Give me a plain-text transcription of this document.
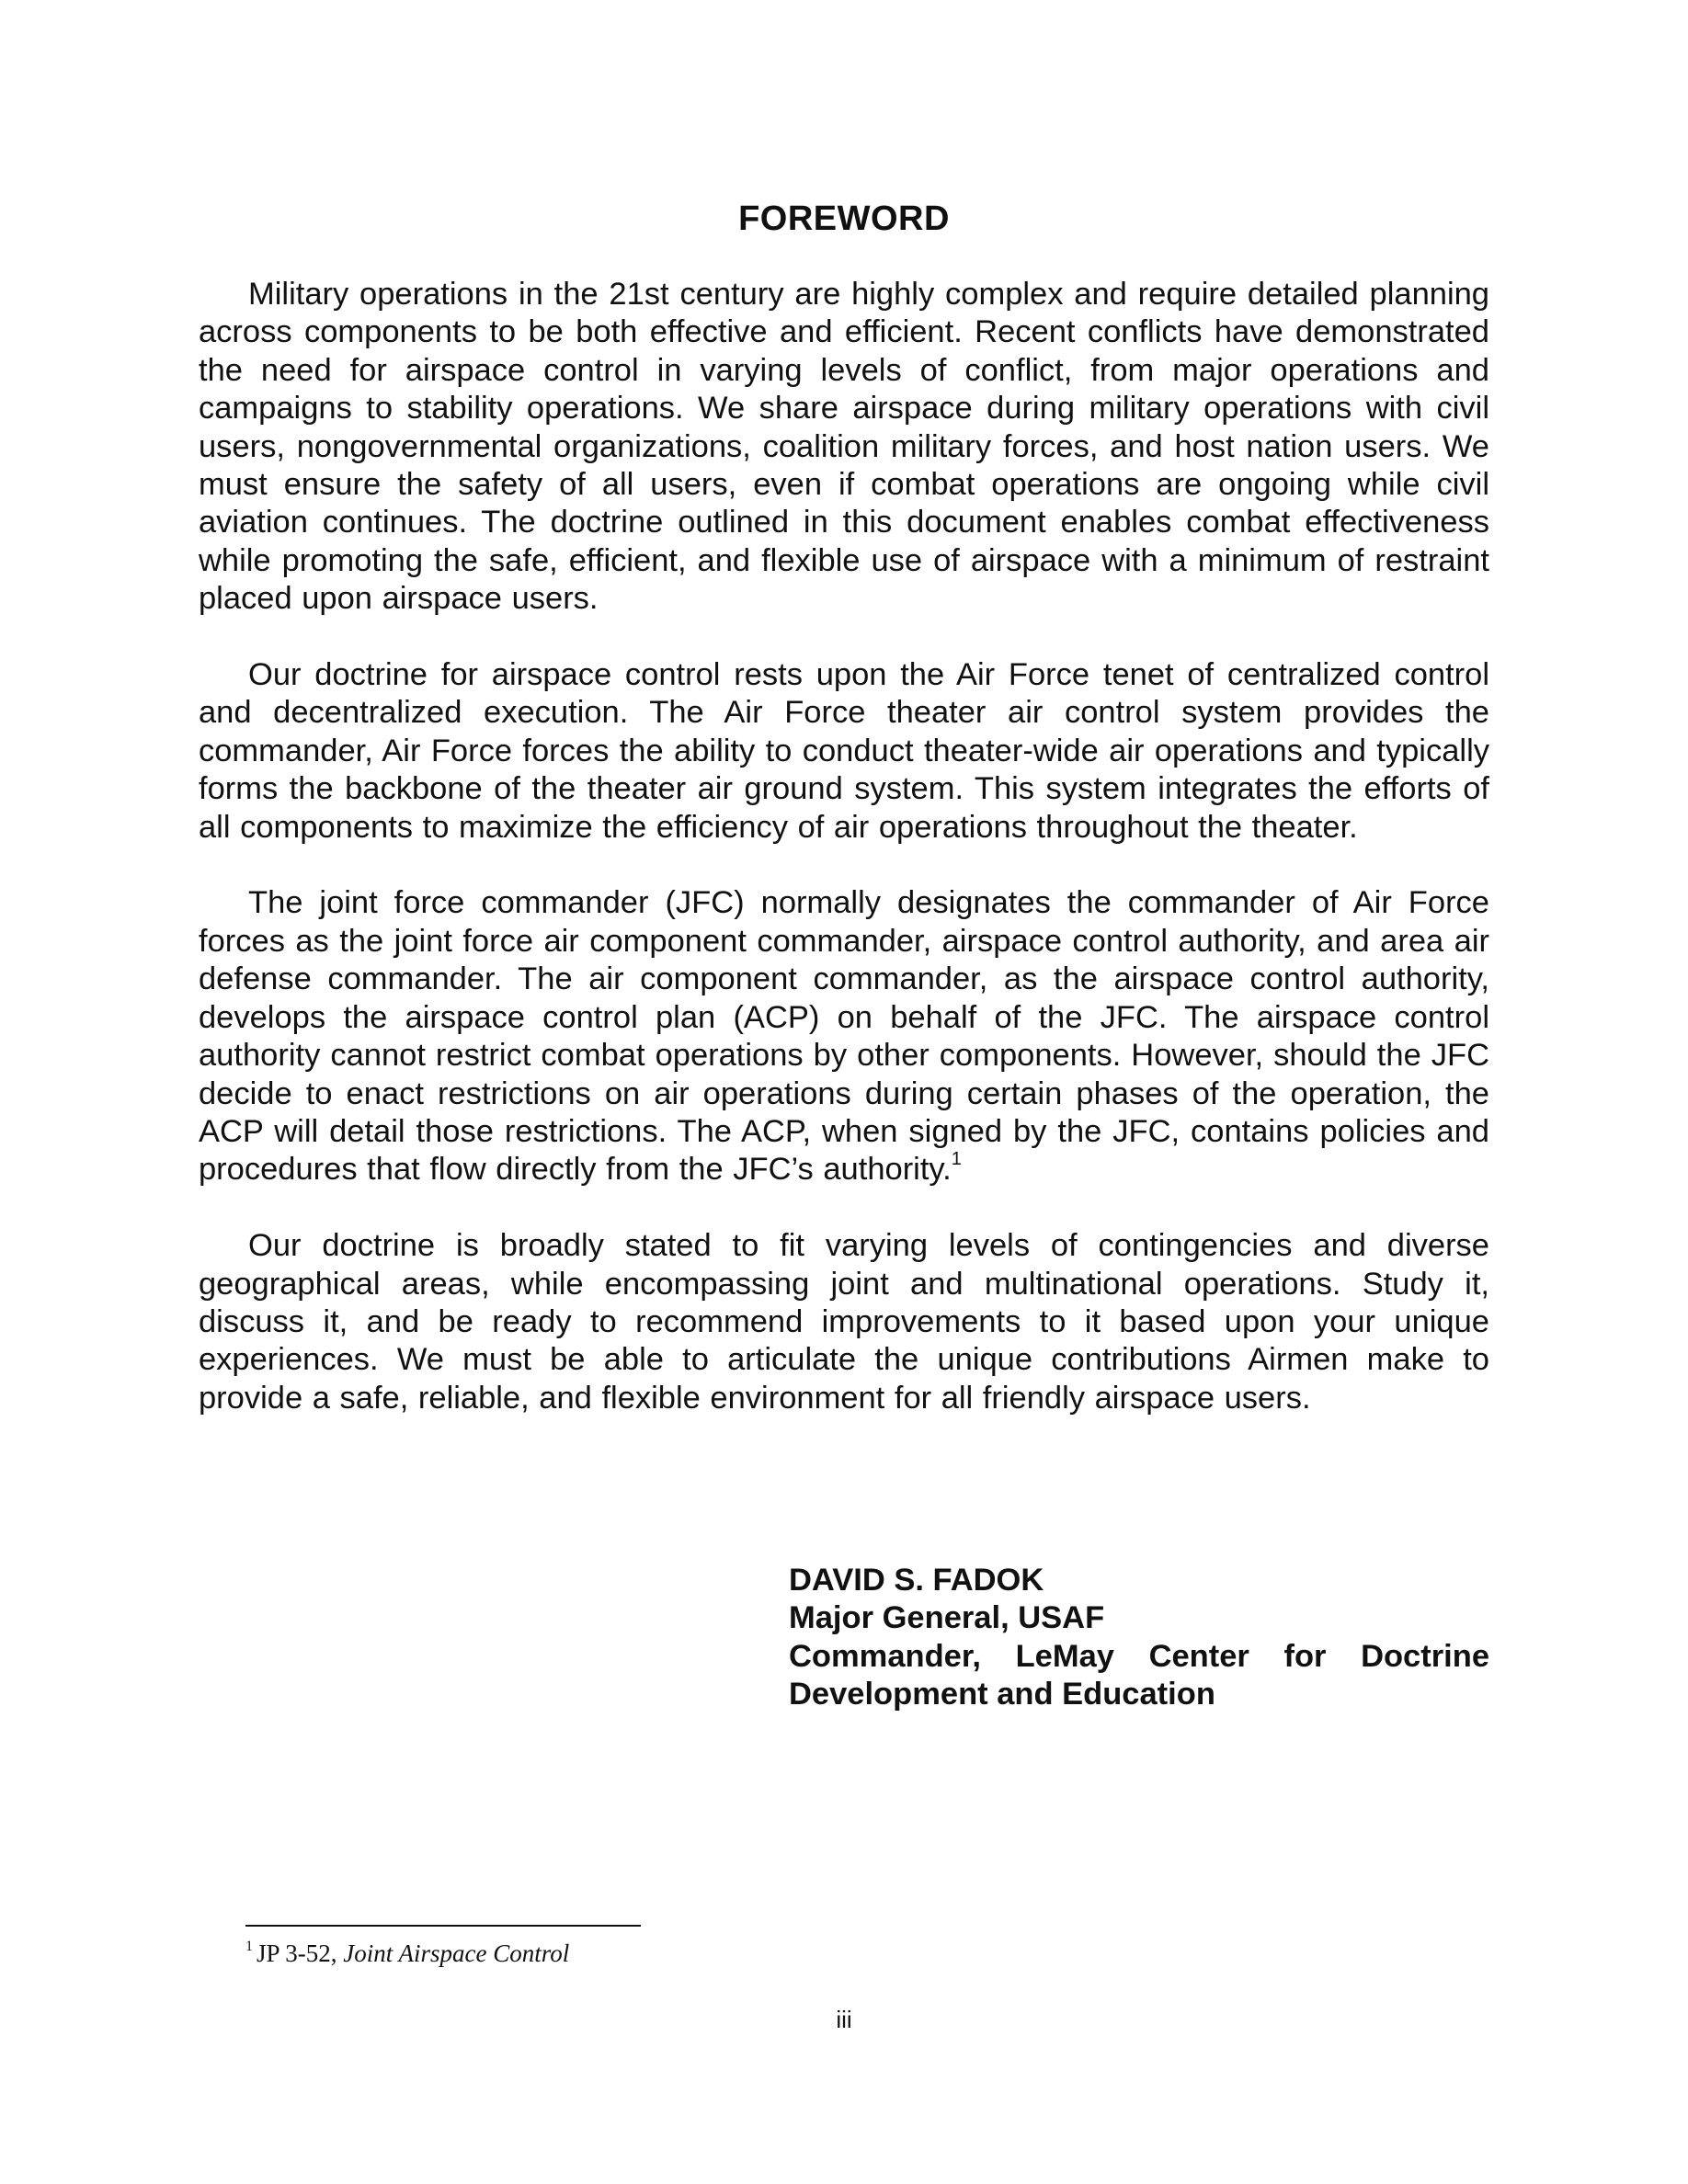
FOREWORD

Military operations in the 21st century are highly complex and require detailed planning across components to be both effective and efficient. Recent conflicts have demonstrated the need for airspace control in varying levels of conflict, from major operations and campaigns to stability operations. We share airspace during military operations with civil users, nongovernmental organizations, coalition military forces, and host nation users. We must ensure the safety of all users, even if combat operations are ongoing while civil aviation continues. The doctrine outlined in this document enables combat effectiveness while promoting the safe, efficient, and flexible use of airspace with a minimum of restraint placed upon airspace users.

Our doctrine for airspace control rests upon the Air Force tenet of centralized control and decentralized execution. The Air Force theater air control system provides the commander, Air Force forces the ability to conduct theater-wide air operations and typically forms the backbone of the theater air ground system. This system integrates the efforts of all components to maximize the efficiency of air operations throughout the theater.

The joint force commander (JFC) normally designates the commander of Air Force forces as the joint force air component commander, airspace control authority, and area air defense commander. The air component commander, as the airspace control authority, develops the airspace control plan (ACP) on behalf of the JFC. The airspace control authority cannot restrict combat operations by other components. However, should the JFC decide to enact restrictions on air operations during certain phases of the operation, the ACP will detail those restrictions. The ACP, when signed by the JFC, contains policies and procedures that flow directly from the JFC’s authority.$^1$

Our doctrine is broadly stated to fit varying levels of contingencies and diverse geographical areas, while encompassing joint and multinational operations. Study it, discuss it, and be ready to recommend improvements to it based upon your unique experiences. We must be able to articulate the unique contributions Airmen make to provide a safe, reliable, and flexible environment for all friendly airspace users.

DAVID S. FADOK
Major General, USAF
Commander, LeMay Center for Doctrine
Development and Education
$^1$ JP 3-52, Joint Airspace Control
iii
